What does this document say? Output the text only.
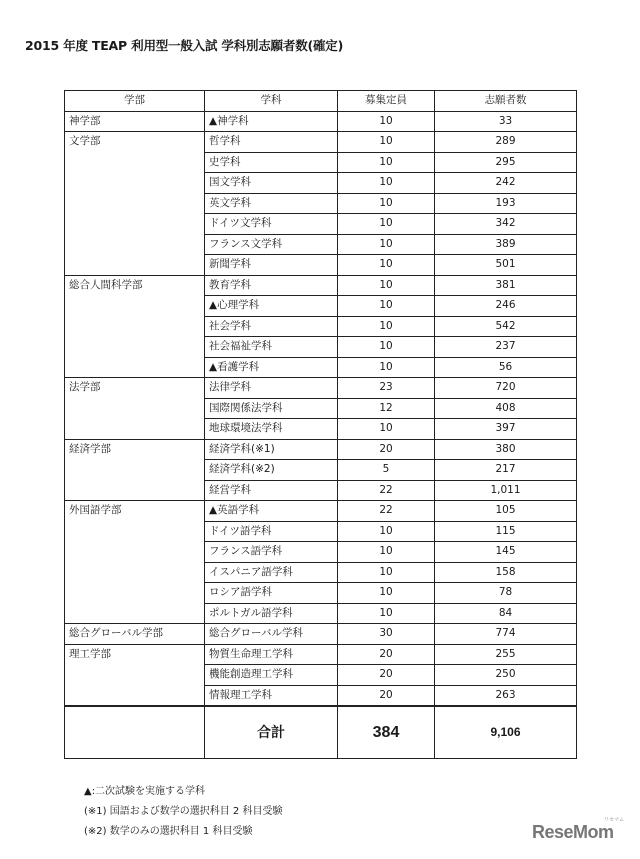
2015 年度 TEAP 利用型一般入試 学科別志願者数(確定)
学部	学科	募集定員	志願者数
神学部	▲神学科	10	33
文学部	哲学科	10	289
	史学科	10	295
	国文学科	10	242
	英文学科	10	193
	ドイツ文学科	10	342
	フランス文学科	10	389
	新聞学科	10	501
総合人間科学部	教育学科	10	381
	▲心理学科	10	246
	社会学科	10	542
	社会福祉学科	10	237
	▲看護学科	10	56
法学部	法律学科	23	720
	国際関係法学科	12	408
	地球環境法学科	10	397
経済学部	経済学科(※1)	20	380
	経済学科(※2)	5	217
	経営学科	22	1,011
外国語学部	▲英語学科	22	105
	ドイツ語学科	10	115
	フランス語学科	10	145
	イスパニア語学科	10	158
	ロシア語学科	10	78
	ポルトガル語学科	10	84
総合グローバル学部	総合グローバル学科	30	774
理工学部	物質生命理工学科	20	255
	機能創造理工学科	20	250
	情報理工学科	20	263
	合計	384	9,106
▲:二次試験を実施する学科
(※1) 国語および数学の選択科目 2 科目受験
(※2) 数学のみの選択科目 1 科目受験
リセマム
ReseMom
